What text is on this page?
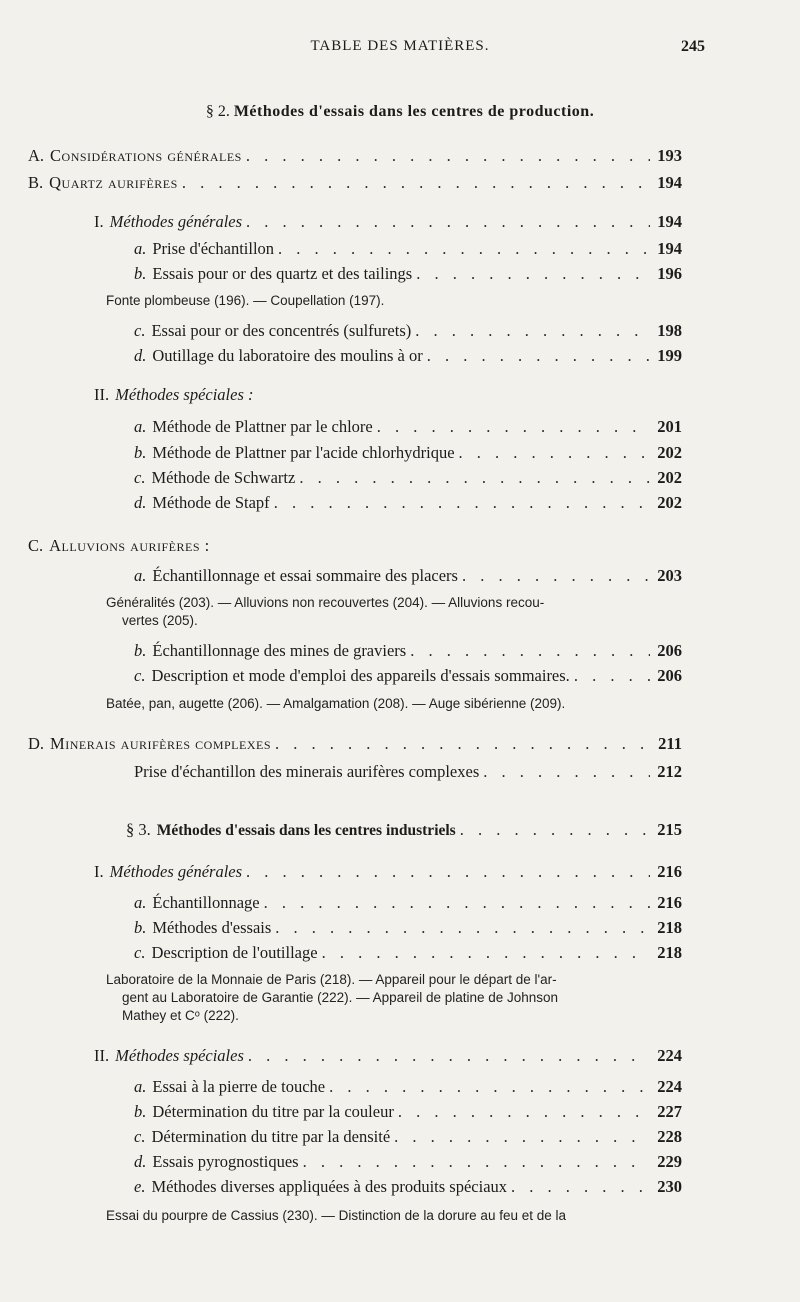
TABLE DES MATIÈRES.	245
§ 2. Méthodes d'essais dans les centres de production.
A. Considérations générales . . .	193
B. Quartz aurifères . . .	194
I. Méthodes générales . . .	194
a. Prise d'échantillon . . .	194
b. Essais pour or des quartz et des tailings . . .	196
Fonte plombeuse (196). — Coupellation (197).
c. Essai pour or des concentrés (sulfurets) . . .	198
d. Outillage du laboratoire des moulins à or . . .	199
II. Méthodes spéciales :
a. Méthode de Plattner par le chlore . . .	201
b. Méthode de Plattner par l'acide chlorhydrique . . .	202
c. Méthode de Schwartz . . .	202
d. Méthode de Stapf . . .	202
C. Alluvions aurifères :
a. Échantillonnage et essai sommaire des placers . . .	203
Généralités (203). — Alluvions non recouvertes (204). — Alluvions recou-
vertes (205).
b. Échantillonnage des mines de graviers . . .	206
c. Description et mode d'emploi des appareils d'essais sommaires. . . .	206
Batée, pan, augette (206). — Amalgamation (208). — Auge sibérienne (209).
D. Minerais aurifères complexes . . .	211
Prise d'échantillon des minerais aurifères complexes . . .	212
§ 3. Méthodes d'essais dans les centres industriels . . .	215
I. Méthodes générales . . .	216
a. Échantillonnage . . .	216
b. Méthodes d'essais . . .	218
c. Description de l'outillage . . .	218
Laboratoire de la Monnaie de Paris (218). — Appareil pour le départ de l'ar-
gent au Laboratoire de Garantie (222). — Appareil de platine de Johnson
Mathey et Cᵒ (222).
II. Méthodes spéciales . . .	224
a. Essai à la pierre de touche . . .	224
b. Détermination du titre par la couleur . . .	227
c. Détermination du titre par la densité . . .	228
d. Essais pyrognostiques . . .	229
e. Méthodes diverses appliquées à des produits spéciaux . . .	230
Essai du pourpre de Cassius (230). — Distinction de la dorure au feu et de la
